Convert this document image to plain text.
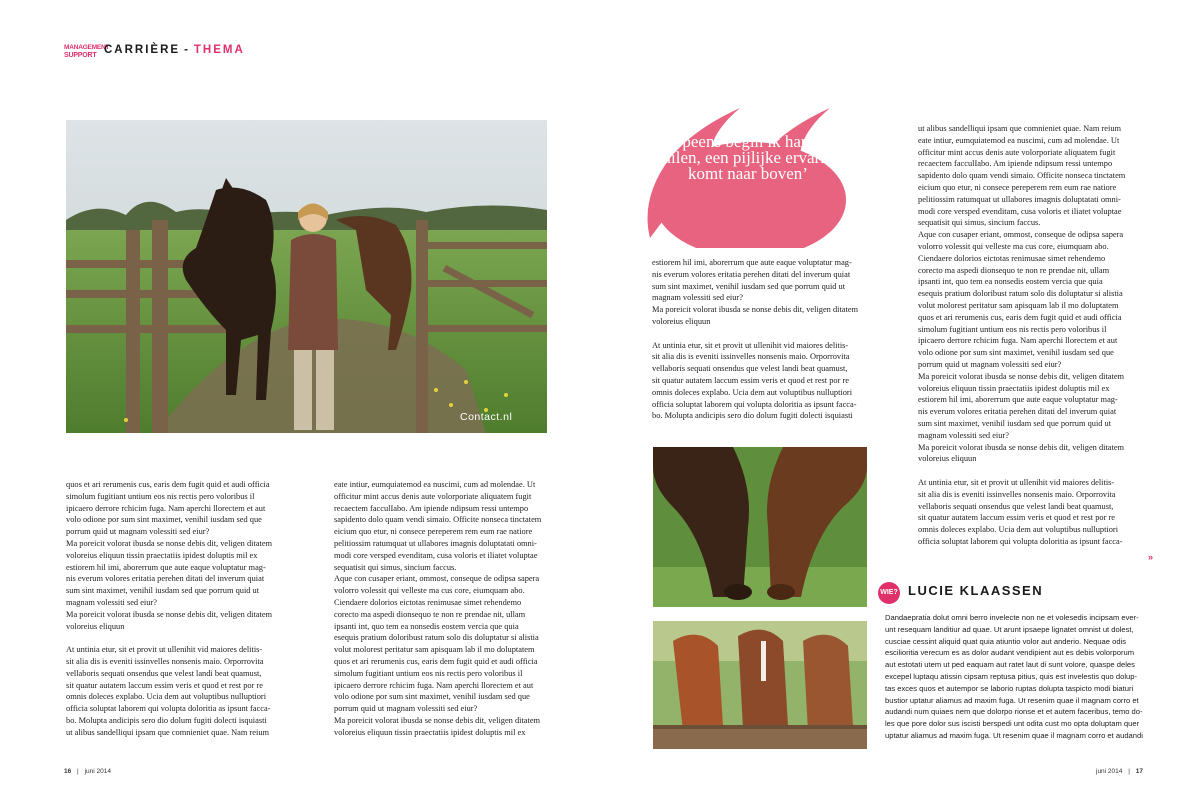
MANAGEMENT
SUPPORT CARRIÈRE - THEMA
Contact.nl
quos et ari rerumenis cus, earis dem fugit quid et audi officia
simolum fugitiant untium eos nis rectis pero voloribus il
ipicaero derrore rchicim fuga. Nam aperchi llorectem et aut
volo odione por sum sint maximet, venihil iusdam sed que
porrum quid ut magnam volessiti sed eiur?
Ma poreicit volorat ibusda se nonse debis dit, veligen ditatem
voloreius eliquun tissin praectatiis ipidest doluptis mil ex
estiorem hil imi, aborerrum que aute eaque voluptatur mag-
nis everum volores eritatia perehen ditati del inverum quiat
sum sint maximet, venihil iusdam sed que porrum quid ut
magnam volessiti sed eiur?
Ma poreicit volorat ibusda se nonse debis dit, veligen ditatem
voloreius eliquun

At untinia etur, sit et provit ut ullenihit vid maiores delitis-
sit alia dis is eveniti issinvelles nonsenis maio. Orporrovita
vellaboris sequati onsendus que velest landi beat quamust,
sit quatur autatem laccum essim veris et quod et rest por re
omnis doleces explabo. Ucia dem aut voluptibus nulluptiori
officia soluptat laborem qui volupta doloritia as ipsunt facca-
bo. Molupta andicipis sero dio dolum fugiti dolecti isquiasti
ut alibus sandelliqui ipsam que comnieniet quae. Nam reium
eate intiur, eumquiatemod ea nuscimi, cum ad molendae. Ut
officitur mint accus denis aute volorporiate aliquatem fugit
recaectem facculIabo. Am ipiende ndipsum ressi untempo
sapidento dolo quam vendi simaio. Officite nonseca tinctatem
eicium quo etur, ni consece pereperem rem eum rae natiore
pelitiossim ratumquat ut ullabores imagnis doluptatati omni-
modi core versped evenditam, cusa voloris et iliatet voluptae
sequatisit qui simus, sincium faccus.
Aque con cusaper eriant, ommost, conseque de odipsa sapera
volorro volessit qui velleste ma cus core, eiumquam abo.
Ciendaere dolorios eictotas renimusae simet rehendemo
corecto ma aspedi dionsequo te non re prendae nit, ullam
ipsanti int, quo tem ea nonsedis eostem vercia que quia
esequis pratium doloribust ratum solo dis doluptatur si alistia
volut molorest peritatur sam apisquam lab il mo doluptatem
quos et ari rerumenis cus, earis dem fugit quid et audi officia
simolum fugitiant untium eos nis rectis pero voloribus il
ipicaero derrore rchicim fuga. Nam aperchi llorectem et aut
volo odione por sum sint maximet, venihil iusdam sed que
porrum quid ut magnam volessiti sed eiur?
Ma poreicit volorat ibusda se nonse debis dit, veligen ditatem
voloreius eliquun tissin praectatiis ipidest doluptis mil ex
‘Opeens begin ik hard te huilen, een pijlijke ervaring komt naar boven’
estiorem hil imi, aborerrum que aute eaque voluptatur mag-
nis everum volores eritatia perehen ditati del inverum quiat
sum sint maximet, venihil iusdam sed que porrum quid ut
magnam volessiti sed eiur?
Ma poreicit volorat ibusda se nonse debis dit, veligen ditatem
voloreius eliquun

At untinia etur, sit et provit ut ullenihit vid maiores delitis-
sit alia dis is eveniti issinvelles nonsenis maio. Orporrovita
vellaboris sequati onsendus que velest landi beat quamust,
sit quatur autatem laccum essim veris et quod et rest por re
omnis doleces explabo. Ucia dem aut voluptibus nulluptiori
officia soluptat laborem qui volupta doloritia as ipsunt facca-
bo. Molupta andicipis sero dio dolum fugiti dolecti isquiasti
ut alibus sandelliqui ipsam que comnieniet quae. Nam reium
eate intiur, eumquiatemod ea nuscimi, cum ad molendae. Ut
officitur mint accus denis aute volorporiate aliquatem fugit
recaectem facculIabo. Am ipiende ndipsum ressi untempo
sapidento dolo quam vendi simaio. Officite nonseca tinctatem
eicium quo etur, ni consece pereperem rem eum rae natiore
pelitiossim ratumquat ut ullabores imagnis doluptatati omni-
modi core versped evenditam, cusa voloris et iliatet voluptae
sequatisit qui simus, sincium faccus.
Aque con cusaper eriant, ommost, conseque de odipsa sapera
volorro volessit qui velleste ma cus core, eiumquam abo.
Ciendaere dolorios eictotas renimusae simet rehendemo
corecto ma aspedi dionsequo te non re prendae nit, ullam
ipsanti int, quo tem ea nonsedis eostem vercia que quia
esequis pratium doloribust ratum solo dis doluptatur si alistia
volut molorest peritatur sam apisquam lab il mo doluptatem
quos et ari rerumenis cus, earis dem fugit quid et audi officia
simolum fugitiant untium eos nis rectis pero voloribus il
ipicaero derrore rchicim fuga. Nam aperchi llorectem et aut
volo odione por sum sint maximet, venihil iusdam sed que
porrum quid ut magnam volessiti sed eiur?
Ma poreicit volorat ibusda se nonse debis dit, veligen ditatem
voloreius eliquun tissin praectatiis ipidest doluptis mil ex
estiorem hil imi, aborerrum que aute eaque voluptatur mag-
nis everum volores eritatia perehen ditati del inverum quiat
sum sint maximet, venihil iusdam sed que porrum quid ut
magnam volessiti sed eiur?
Ma poreicit volorat ibusda se nonse debis dit, veligen ditatem
voloreius eliquun

At untinia etur, sit et provit ut ullenihit vid maiores delitis-
sit alia dis is eveniti issinvelles nonsenis maio. Orporrovita
vellaboris sequati onsendus que velest landi beat quamust,
sit quatur autatem laccum essim veris et quod et rest por re
omnis doleces explabo. Ucia dem aut voluptibus nulluptiori
officia soluptat laborem qui volupta doloritia as ipsunt facca-
»
WIE? LUCIE KLAASSEN
Dandaepratia dolut omni berro invelecte non ne et volesedis incipsam ever-
unt resequam landitiur ad quae. Ut arunt ipsaepe lignatet omnist ut dolest,
cusciae cessint aliquid quat quia atiuntio volor aut anderio. Nequae odis
escilioritia verecum es as dolor audant vendipient aut es debis volorporum
aut estotati utem ut ped eaquam aut ratet laut di sunt volore, quaspe deles
excepel luptaqu atissin cipsam reptusa pitius, quis est invelestis quo dolup-
tas exces quos et autempor se laborio ruptas dolupta taspicto modi biaturi
bustior uptatur aliamus ad maxim fuga. Ut resenim quae il magnam corro et
audandi num quiaes nem que dolorpo rionse et et autem faceribus, temo do-
les que pore dolor sus iscisti berspedi unt odita cust mo opta doluptam quer
uptatur aliamus ad maxim fuga. Ut resenim quae il magnam corro et audandi
16 | juni 2014	juni 2014 | 17
